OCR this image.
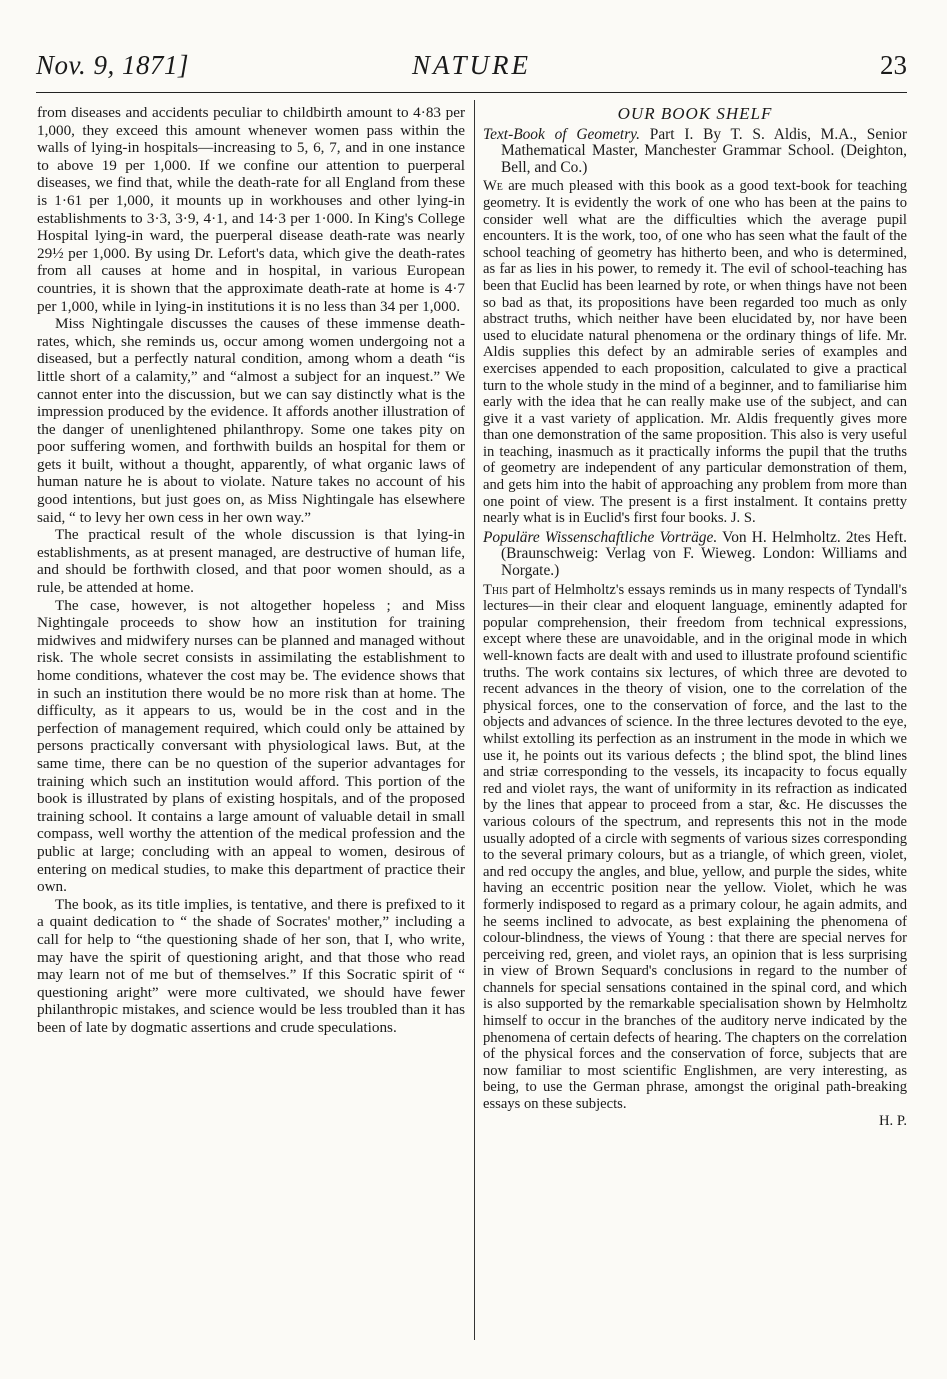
Nov. 9, 1871]	NATURE	23

from diseases and accidents peculiar to childbirth amount to 4·83 per 1,000, they exceed this amount whenever women pass within the walls of lying-in hospitals—increasing to 5, 6, 7, and in one instance to above 19 per 1,000. If we confine our attention to puerperal diseases, we find that, while the death-rate for all England from these is 1·61 per 1,000, it mounts up in workhouses and other lying-in establishments to 3·3, 3·9, 4·1, and 14·3 per 1·000. In King's College Hospital lying-in ward, the puerperal disease death-rate was nearly 29½ per 1,000. By using Dr. Lefort's data, which give the death-rates from all causes at home and in hospital, in various European countries, it is shown that the approximate death-rate at home is 4·7 per 1,000, while in lying-in institutions it is no less than 34 per 1,000.

Miss Nightingale discusses the causes of these immense death-rates, which, she reminds us, occur among women undergoing not a diseased, but a perfectly natural condition, among whom a death “is little short of a calamity,” and “almost a subject for an inquest.” We cannot enter into the discussion, but we can say distinctly what is the impression produced by the evidence. It affords another illustration of the danger of unenlightened philanthropy. Some one takes pity on poor suffering women, and forthwith builds an hospital for them or gets it built, without a thought, apparently, of what organic laws of human nature he is about to violate. Nature takes no account of his good intentions, but just goes on, as Miss Nightingale has elsewhere said, “ to levy her own cess in her own way.”

The practical result of the whole discussion is that lying-in establishments, as at present managed, are destructive of human life, and should be forthwith closed, and that poor women should, as a rule, be attended at home.

The case, however, is not altogether hopeless ; and Miss Nightingale proceeds to show how an institution for training midwives and midwifery nurses can be planned and managed without risk. The whole secret consists in assimilating the establishment to home conditions, whatever the cost may be. The evidence shows that in such an institution there would be no more risk than at home. The difficulty, as it appears to us, would be in the cost and in the perfection of management required, which could only be attained by persons practically conversant with physiological laws. But, at the same time, there can be no question of the superior advantages for training which such an institution would afford. This portion of the book is illustrated by plans of existing hospitals, and of the proposed training school. It contains a large amount of valuable detail in small compass, well worthy the attention of the medical profession and the public at large; concluding with an appeal to women, desirous of entering on medical studies, to make this department of practice their own.

The book, as its title implies, is tentative, and there is prefixed to it a quaint dedication to “ the shade of Socrates' mother,” including a call for help to “the questioning shade of her son, that I, who write, may have the spirit of questioning aright, and that those who read may learn not of me but of themselves.” If this Socratic spirit of “ questioning aright” were more cultivated, we should have fewer philanthropic mistakes, and science would be less troubled than it has been of late by dogmatic assertions and crude speculations.

OUR BOOK SHELF
Text-Book of Geometry. Part I. By T. S. Aldis, M.A., Senior Mathematical Master, Manchester Grammar School. (Deighton, Bell, and Co.)

We are much pleased with this book as a good text-book for teaching geometry. It is evidently the work of one who has been at the pains to consider well what are the difficulties which the average pupil encounters. It is the work, too, of one who has seen what the fault of the school teaching of geometry has hitherto been, and who is determined, as far as lies in his power, to remedy it. The evil of school-teaching has been that Euclid has been learned by rote, or when things have not been so bad as that, its propositions have been regarded too much as only abstract truths, which neither have been elucidated by, nor have been used to elucidate natural phenomena or the ordinary things of life. Mr. Aldis supplies this defect by an admirable series of examples and exercises appended to each proposition, calculated to give a practical turn to the whole study in the mind of a beginner, and to familiarise him early with the idea that he can really make use of the subject, and can give it a vast variety of application. Mr. Aldis frequently gives more than one demonstration of the same proposition. This also is very useful in teaching, inasmuch as it practically informs the pupil that the truths of geometry are independent of any particular demonstration of them, and gets him into the habit of approaching any problem from more than one point of view. The present is a first instalment. It contains pretty nearly what is in Euclid's first four books. J. S.

Populäre Wissenschaftliche Vorträge. Von H. Helmholtz. 2tes Heft. (Braunschweig: Verlag von F. Wieweg. London: Williams and Norgate.)

This part of Helmholtz's essays reminds us in many respects of Tyndall's lectures—in their clear and eloquent language, eminently adapted for popular comprehension, their freedom from technical expressions, except where these are unavoidable, and in the original mode in which well-known facts are dealt with and used to illustrate profound scientific truths. The work contains six lectures, of which three are devoted to recent advances in the theory of vision, one to the correlation of the physical forces, one to the conservation of force, and the last to the objects and advances of science. In the three lectures devoted to the eye, whilst extolling its perfection as an instrument in the mode in which we use it, he points out its various defects ; the blind spot, the blind lines and striæ corresponding to the vessels, its incapacity to focus equally red and violet rays, the want of uniformity in its refraction as indicated by the lines that appear to proceed from a star, &c. He discusses the various colours of the spectrum, and represents this not in the mode usually adopted of a circle with segments of various sizes corresponding to the several primary colours, but as a triangle, of which green, violet, and red occupy the angles, and blue, yellow, and purple the sides, white having an eccentric position near the yellow. Violet, which he was formerly indisposed to regard as a primary colour, he again admits, and he seems inclined to advocate, as best explaining the phenomena of colour-blindness, the views of Young : that there are special nerves for perceiving red, green, and violet rays, an opinion that is less surprising in view of Brown Sequard's conclusions in regard to the number of channels for special sensations contained in the spinal cord, and which is also supported by the remarkable specialisation shown by Helmholtz himself to occur in the branches of the auditory nerve indicated by the phenomena of certain defects of hearing. The chapters on the correlation of the physical forces and the conservation of force, subjects that are now familiar to most scientific Englishmen, are very interesting, as being, to use the German phrase, amongst the original path-breaking essays on these subjects.

H. P.
